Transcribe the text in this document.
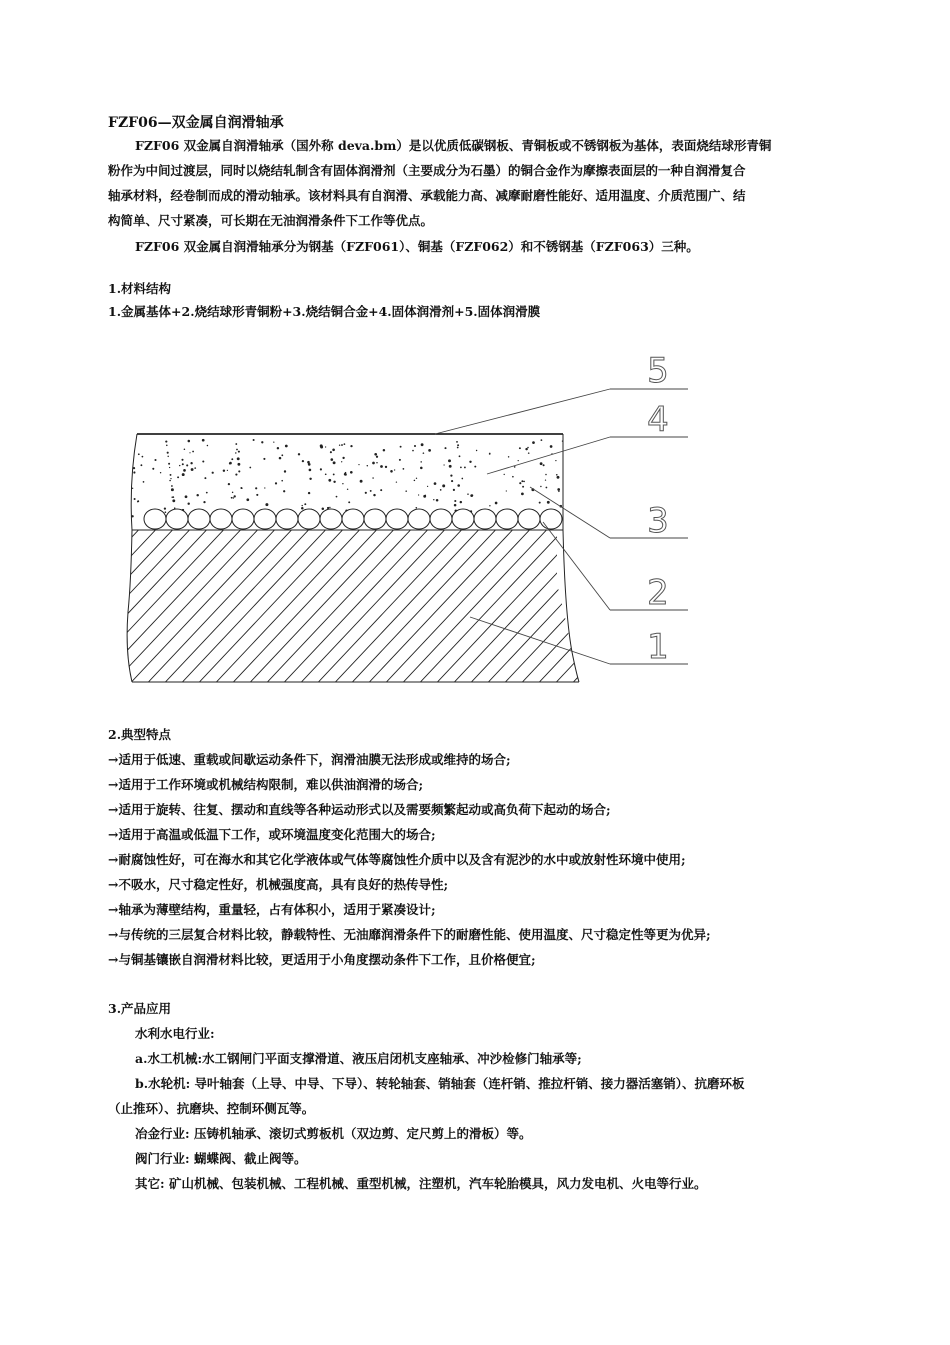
FZF06—双金属自润滑轴承
FZF06 双金属自润滑轴承（国外称 deva.bm）是以优质低碳钢板、青铜板或不锈钢板为基体，表面烧结球形青铜
粉作为中间过渡层，同时以烧结轧制含有固体润滑剂（主要成分为石墨）的铜合金作为摩擦表面层的一种自润滑复合
轴承材料，经卷制而成的滑动轴承。该材料具有自润滑、承载能力高、减摩耐磨性能好、适用温度、介质范围广、结
构简单、尺寸紧凑，可长期在无油润滑条件下工作等优点。
FZF06 双金属自润滑轴承分为钢基（FZF061）、铜基（FZF062）和不锈钢基（FZF063）三种。
1.材料结构
1.金属基体+2.烧结球形青铜粉+3.烧结铜合金+4.固体润滑剂+5.固体润滑膜
5
4
3
2
1
2.典型特点
→适用于低速、重载或间歇运动条件下，润滑油膜无法形成或维持的场合;
→适用于工作环境或机械结构限制，难以供油润滑的场合;
→适用于旋转、往复、摆动和直线等各种运动形式以及需要频繁起动或高负荷下起动的场合;
→适用于高温或低温下工作，或环境温度变化范围大的场合;
→耐腐蚀性好，可在海水和其它化学液体或气体等腐蚀性介质中以及含有泥沙的水中或放射性环境中使用;
→不吸水，尺寸稳定性好，机械强度高，具有良好的热传导性;
→轴承为薄壁结构，重量轻，占有体积小，适用于紧凑设计;
→与传统的三层复合材料比较，静载特性、无油靡润滑条件下的耐磨性能、使用温度、尺寸稳定性等更为优异;
→与铜基镶嵌自润滑材料比较，更适用于小角度摆动条件下工作，且价格便宜;
3.产品应用
水利水电行业:
a.水工机械:水工钢闸门平面支撑滑道、液压启闭机支座轴承、冲沙检修门轴承等;
b.水轮机: 导叶轴套（上导、中导、下导）、转轮轴套、销轴套（连杆销、推拉杆销、接力器活塞销）、抗磨环板
（止推环）、抗磨块、控制环侧瓦等。
冶金行业: 压铸机轴承、滚切式剪板机（双边剪、定尺剪上的滑板）等。
阀门行业: 蝴蝶阀、截止阀等。
其它: 矿山机械、包装机械、工程机械、重型机械，注塑机，汽车轮胎模具，风力发电机、火电等行业。
